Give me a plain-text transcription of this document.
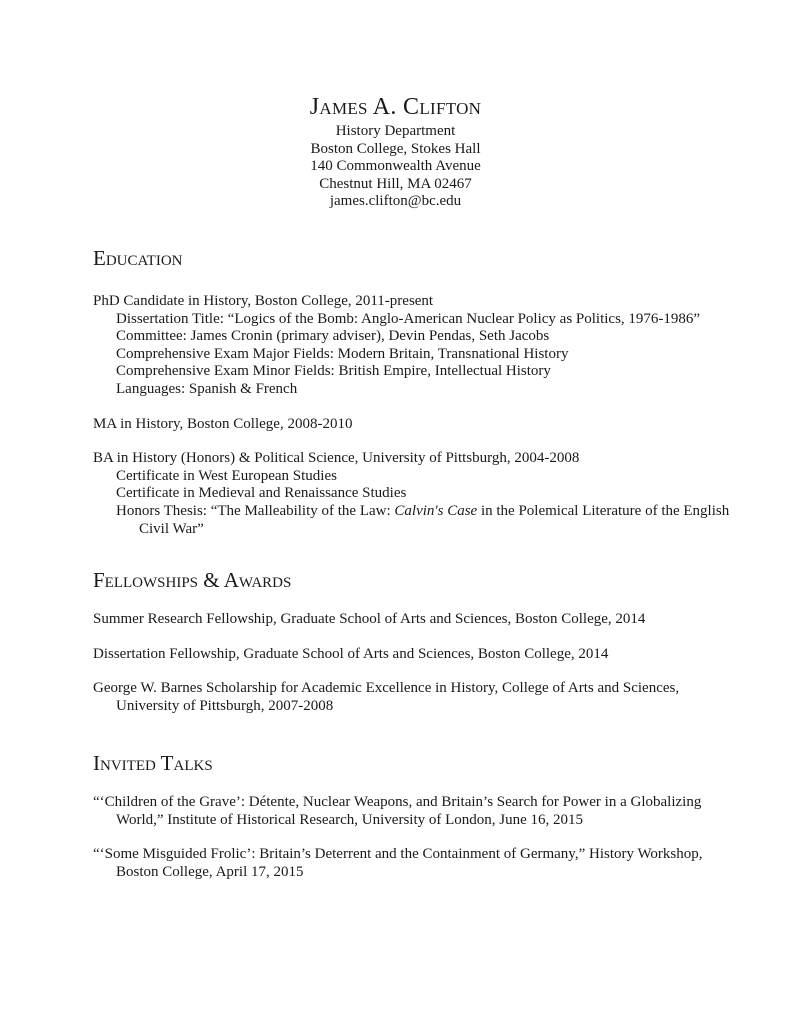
James A. Clifton
History Department
Boston College, Stokes Hall
140 Commonwealth Avenue
Chestnut Hill, MA 02467
james.clifton@bc.edu
Education
PhD Candidate in History, Boston College, 2011-present
Dissertation Title: “Logics of the Bomb: Anglo-American Nuclear Policy as Politics, 1976-1986”
Committee: James Cronin (primary adviser), Devin Pendas, Seth Jacobs
Comprehensive Exam Major Fields: Modern Britain, Transnational History
Comprehensive Exam Minor Fields: British Empire, Intellectual History
Languages: Spanish & French
MA in History, Boston College, 2008-2010
BA in History (Honors) & Political Science, University of Pittsburgh, 2004-2008
Certificate in West European Studies
Certificate in Medieval and Renaissance Studies
Honors Thesis: “The Malleability of the Law: Calvin's Case in the Polemical Literature of the English Civil War”
Fellowships & Awards
Summer Research Fellowship, Graduate School of Arts and Sciences, Boston College, 2014
Dissertation Fellowship, Graduate School of Arts and Sciences, Boston College, 2014
George W. Barnes Scholarship for Academic Excellence in History, College of Arts and Sciences, University of Pittsburgh, 2007-2008
Invited Talks
“‘Children of the Grave’: Détente, Nuclear Weapons, and Britain’s Search for Power in a Globalizing World,” Institute of Historical Research, University of London, June 16, 2015
“‘Some Misguided Frolic’: Britain’s Deterrent and the Containment of Germany,” History Workshop, Boston College, April 17, 2015
